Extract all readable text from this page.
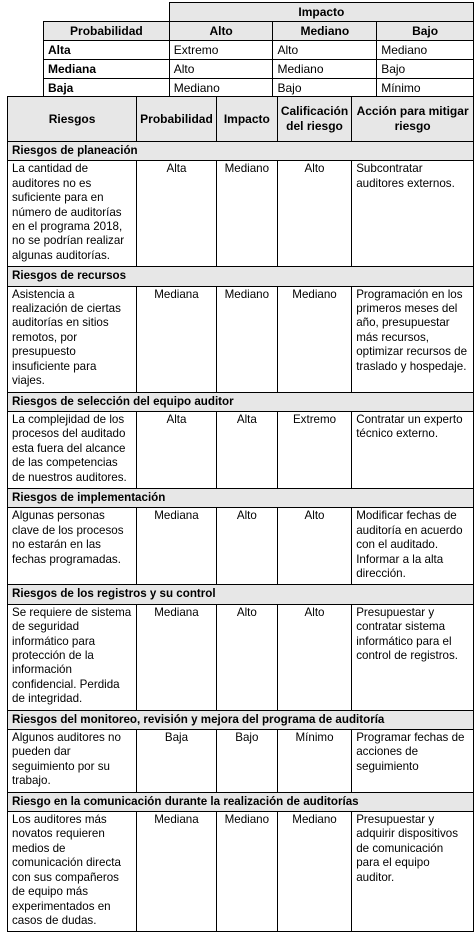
	Impacto		
Probabilidad	Alto	Mediano	Bajo
Alta	Extremo	Alto	Mediano
Mediana	Alto	Mediano	Bajo
Baja	Mediano	Bajo	Mínimo
Riesgos	Probabilidad	Impacto	Calificación del riesgo	Acción para mitigar riesgo
Riesgos de planeación				
La cantidad de auditores no es suficiente para en número de auditorías en el programa 2018, no se podrían realizar algunas auditorías.	Alta	Mediano	Alto	Subcontratar auditores externos.
Riesgos de recursos				
Asistencia a realización de ciertas auditorías en sitios remotos, por presupuesto insuficiente para viajes.	Mediana	Mediano	Mediano	Programación en los primeros meses del año, presupuestar más recursos, optimizar recursos de traslado y hospedaje.
Riesgos de selección del equipo auditor				
La complejidad de los procesos del auditado esta fuera del alcance de las competencias de nuestros auditores.	Alta	Alta	Extremo	Contratar un experto técnico externo.
Riesgos de implementación				
Algunas personas clave de los procesos no estarán en las fechas programadas.	Mediana	Alto	Alto	Modificar fechas de auditoría en acuerdo con el auditado. Informar a la alta dirección.
Riesgos de los registros y su control				
Se requiere de sistema de seguridad informático para protección de la información confidencial. Perdida de integridad.	Mediana	Alto	Alto	Presupuestar y contratar sistema informático para el control de registros.
Riesgos del monitoreo, revisión y mejora del programa de auditoría				
Algunos auditores no pueden dar seguimiento por su trabajo.	Baja	Bajo	Mínimo	Programar fechas de acciones de seguimiento
Riesgo en la comunicación durante la realización de auditorías				
Los auditores más novatos requieren medios de comunicación directa con sus compañeros de equipo más experimentados en casos de dudas.	Mediana	Mediano	Mediano	Presupuestar y adquirir dispositivos de comunicación para el equipo auditor.
